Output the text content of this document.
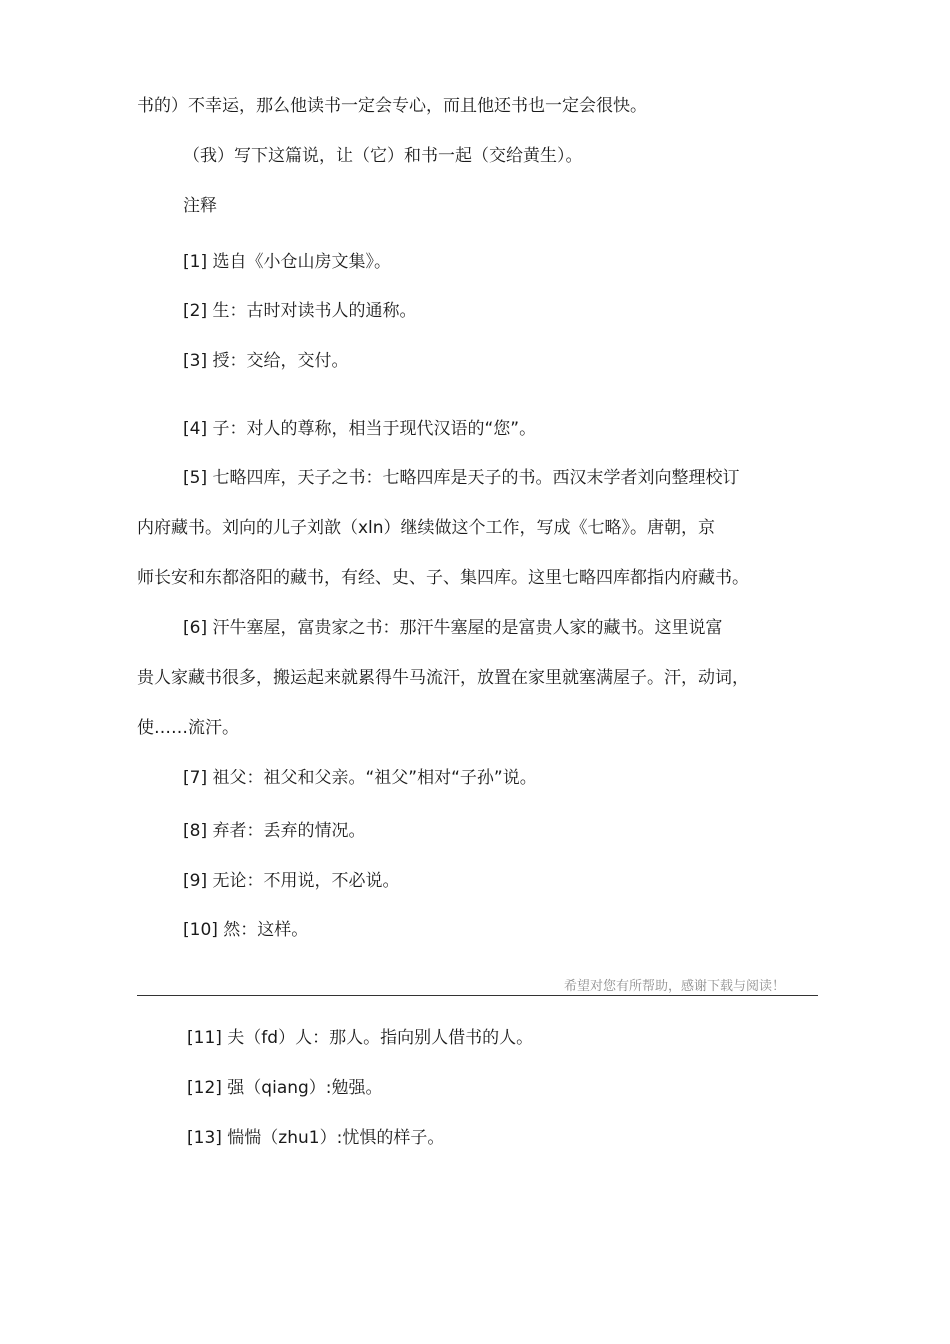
书的）不幸运，那么他读书一定会专心，而且他还书也一定会很快。

（我）写下这篇说，让（它）和书一起（交给黄生）。

注释

[1] 选自《小仓山房文集》。

[2] 生：古时对读书人的通称。

[3] 授：交给，交付。

[4] 子：对人的尊称，相当于现代汉语的“您”。

[5] 七略四库，天子之书：七略四库是天子的书。西汉末学者刘向整理校订

内府藏书。刘向的儿子刘歆（xln）继续做这个工作，写成《七略》。唐朝，京

师长安和东都洛阳的藏书，有经、史、子、集四库。这里七略四库都指内府藏书。

[6] 汗牛塞屋，富贵家之书：那汗牛塞屋的是富贵人家的藏书。这里说富

贵人家藏书很多，搬运起来就累得牛马流汗，放置在家里就塞满屋子。汗，动词，

使……流汗。

[7] 祖父：祖父和父亲。“祖父”相对“子孙”说。

[8] 弃者：丢弃的情况。

[9] 无论：不用说，不必说。

[10] 然：这样。

希望对您有所帮助，感谢下载与阅读！

[11] 夫（fd）人：那人。指向别人借书的人。

[12] 强（qiang）:勉强。

[13] 惴惴（zhu1）:忧惧的样子。
